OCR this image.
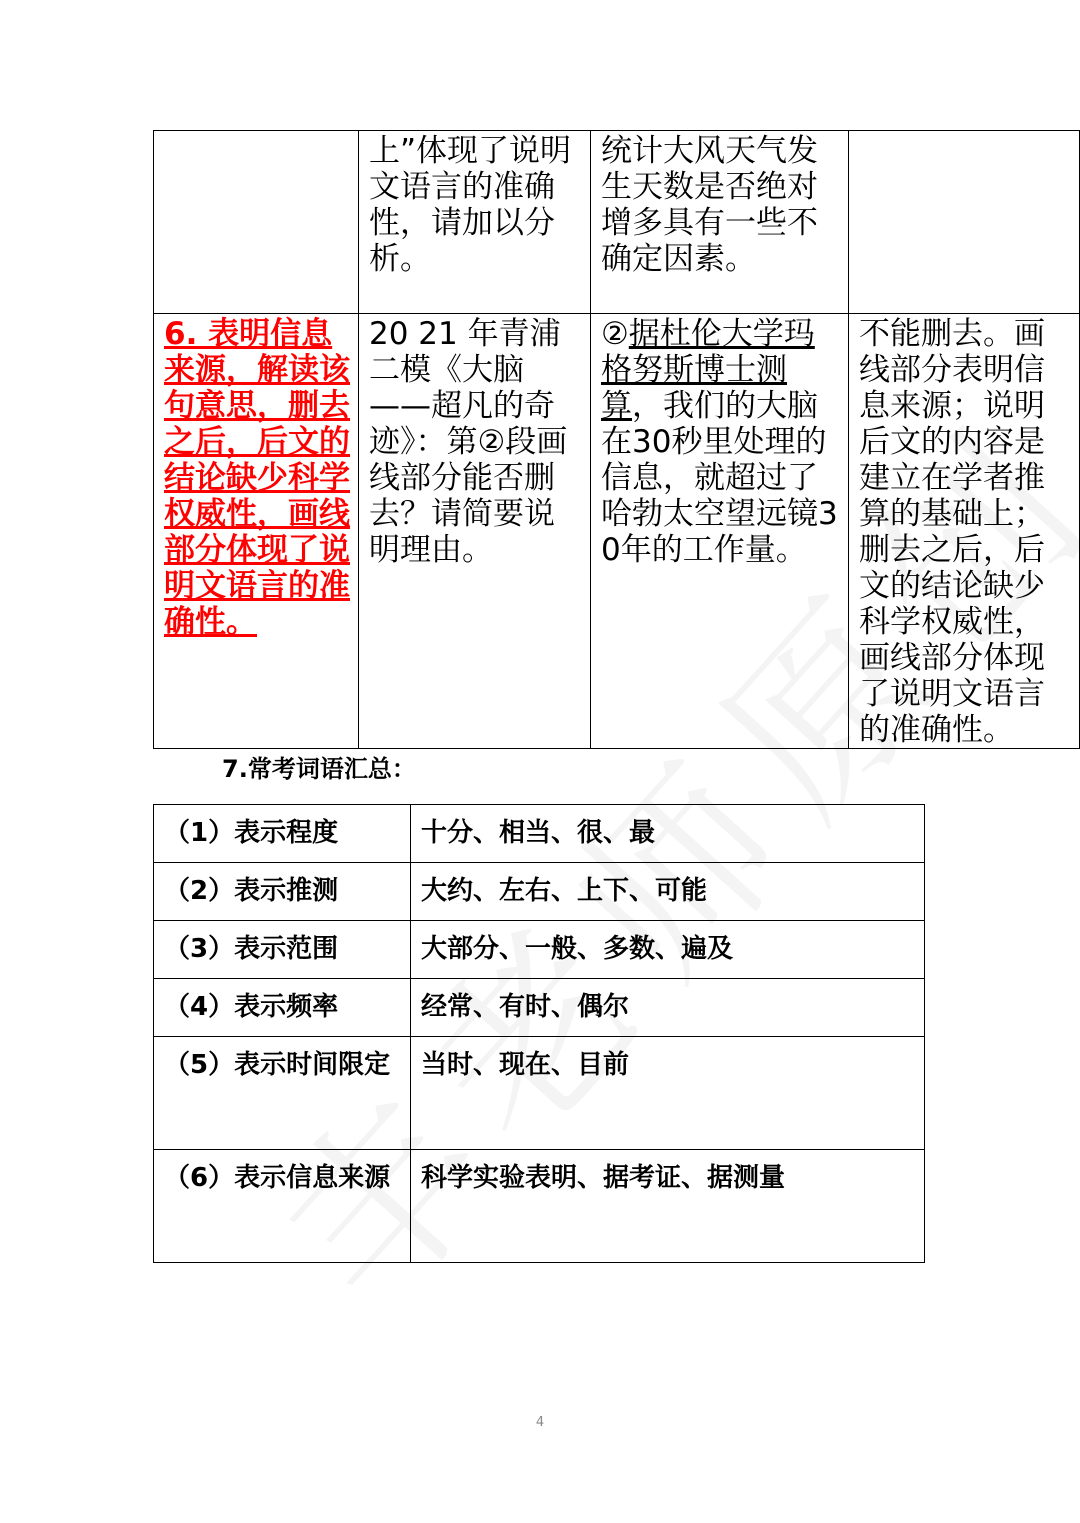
	上”体现了说明文语言的准确性，请加以分析。	统计大风天气发生天数是否绝对增多具有一些不确定因素。	
6. 表明信息来源，解读该句意思，删去之后，后文的结论缺少科学权威性，画线部分体现了说明文语言的准确性。	20 21 年青浦二模《大脑——超凡的奇迹》：第②段画线部分能否删去？请简要说明理由。	②据杜伦大学玛格努斯博士测算，我们的大脑在30秒里处理的信息，就超过了哈勃太空望远镜30年的工作量。	不能删去。画线部分表明信息来源；说明后文的内容是建立在学者推算的基础上；删去之后，后文的结论缺少科学权威性，画线部分体现了说明文语言的准确性。
7.常考词语汇总：
（1）表示程度	十分、相当、很、最
（2）表示推测	大约、左右、上下、可能
（3）表示范围	大部分、一般、多数、遍及
（4）表示频率	经常、有时、偶尔
（5）表示时间限定	当时、现在、目前
（6）表示信息来源	科学实验表明、据考证、据测量
4
